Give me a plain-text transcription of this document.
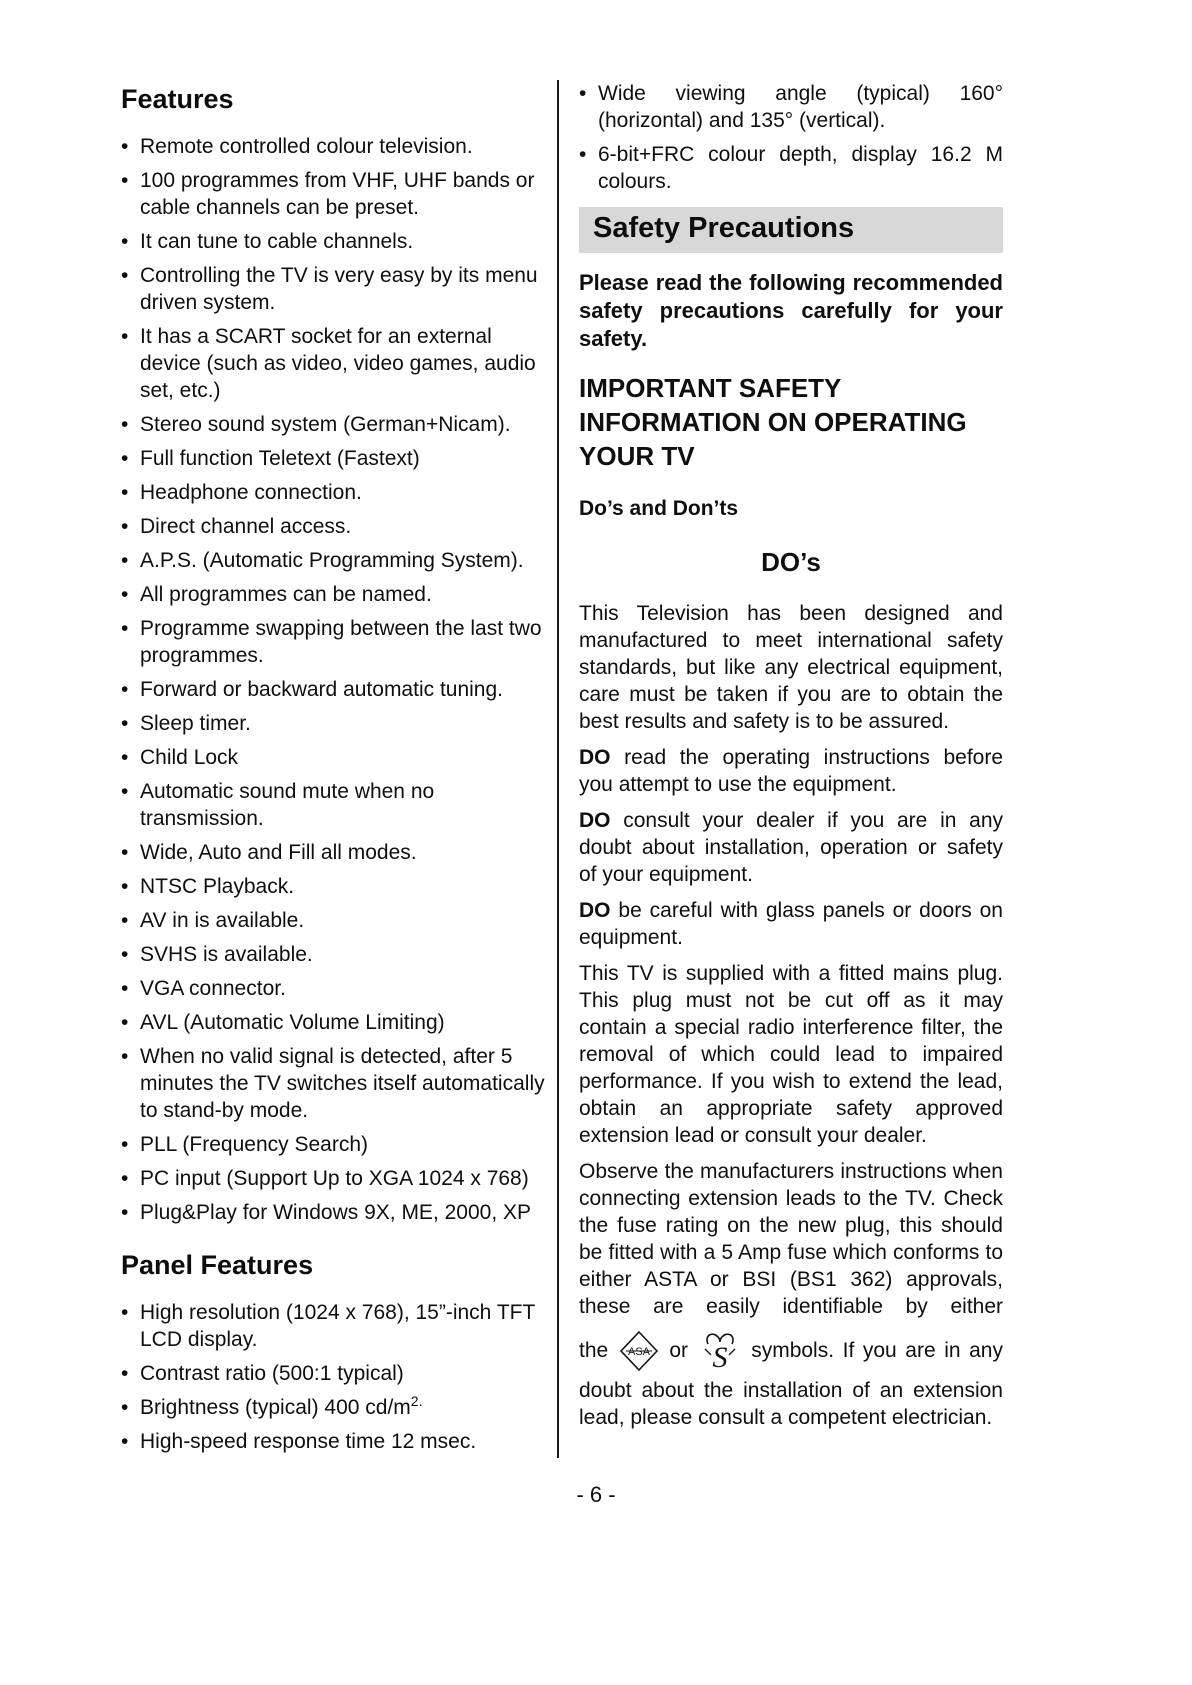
Features
• Remote controlled colour television.
• 100 programmes from VHF, UHF bands or cable channels can be preset.
• It can tune to cable channels.
• Controlling the TV is very easy by its menu driven system.
• It has a SCART socket for an external device (such as video, video games, audio set, etc.)
• Stereo sound system (German+Nicam).
• Full function Teletext (Fastext)
• Headphone connection.
• Direct channel access.
• A.P.S. (Automatic Programming System).
• All programmes can be named.
• Programme swapping between the last two programmes.
• Forward or backward automatic tuning.
• Sleep timer.
• Child Lock
• Automatic sound mute when no transmission.
• Wide, Auto and Fill all modes.
• NTSC Playback.
• AV in is available.
• SVHS is available.
• VGA connector.
• AVL (Automatic Volume Limiting)
• When no valid signal is detected, after 5 minutes the TV switches itself automatically to stand-by mode.
• PLL (Frequency Search)
• PC input (Support Up to XGA 1024 x 768)
• Plug&Play for Windows 9X, ME, 2000, XP
Panel Features
• High resolution (1024 x 768), 15”-inch TFT LCD display.
• Contrast ratio (500:1 typical)
• Brightness (typical) 400 $cd/m^{2.}$
• High-speed response time 12 msec.
• Wide viewing angle (typical) 160° (horizontal) and 135° (vertical).
• 6-bit+FRC colour depth, display 16.2 M colours.
Safety Precautions

Please read the following recommended safety precautions carefully for your safety.

IMPORTANT SAFETY INFORMATION ON OPERATING YOUR TV
Do’s and Don’ts
DO’s

This Television has been designed and manufactured to meet international safety standards, but like any electrical equipment, care must be taken if you are to obtain the best results and safety is to be assured.

DO read the operating instructions before you attempt to use the equipment.

DO consult your dealer if you are in any doubt about installation, operation or safety of your equipment.

DO be careful with glass panels or doors on equipment.

This TV is supplied with a fitted mains plug. This plug must not be cut off as it may contain a special radio interference filter, the removal of which could lead to impaired performance. If you wish to extend the lead, obtain an appropriate safety approved extension lead or consult your dealer.

Observe the manufacturers instructions when connecting extension leads to the TV. Check the fuse rating on the new plug, this should be fitted with a 5 Amp fuse which conforms to either ASTA or BSI (BS1 362) approvals, these are easily identifiable by either

the ASA or S symbols. If you are in any

doubt about the installation of an extension lead, please consult a competent electrician.

- 6 -
